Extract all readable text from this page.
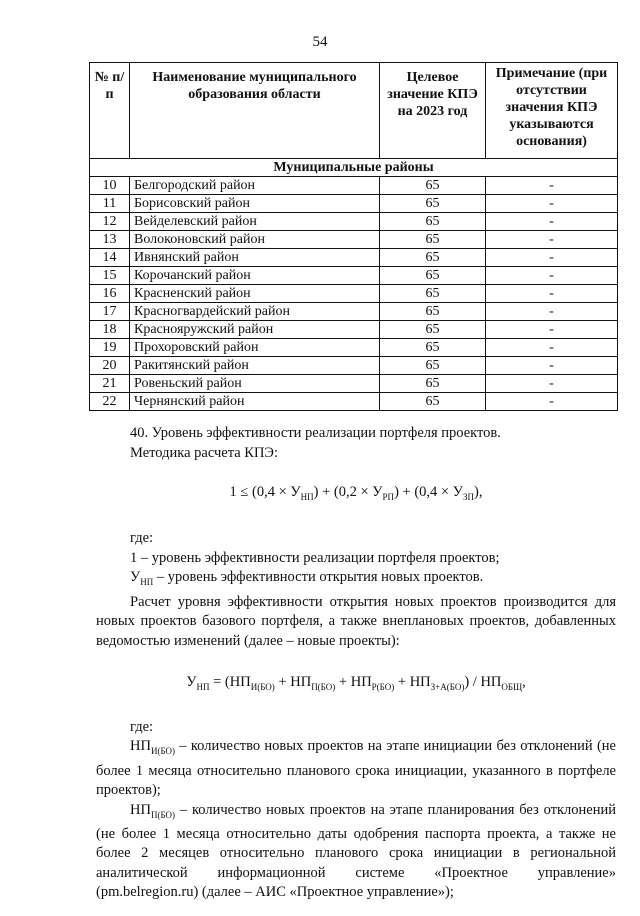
54
№ п/п	Наименование муниципального образования области	Целевое значение КПЭ на 2023 год	Примечание (при отсутствии значения КПЭ указываются основания)
Муниципальные районы			
10	Белгородский район	65	-
11	Борисовский район	65	-
12	Вейделевский район	65	-
13	Волоконовский район	65	-
14	Ивнянский район	65	-
15	Корочанский район	65	-
16	Красненский район	65	-
17	Красногвардейский район	65	-
18	Краснояружский район	65	-
19	Прохоровский район	65	-
20	Ракитянский район	65	-
21	Ровеньский район	65	-
22	Чернянский район	65	-

40. Уровень эффективности реализации портфеля проектов.

Методика расчета КПЭ:

$1 \le (0,4 \times У_{НП}) + (0,2 \times У_{РП}) + (0,4 \times У_{ЗП})$,

где:

1 – уровень эффективности реализации портфеля проектов;

$У_{НП}$ – уровень эффективности открытия новых проектов.

Расчет уровня эффективности открытия новых проектов производится для новых проектов базового портфеля, а также внеплановых проектов, добавленных ведомостью изменений (далее – новые проекты):

$У_{НП} = (НП_{И(БО)} + НП_{П(БО)} + НП_{Р(БО)} + НП_{З+А(БО)}) / НП_{ОБЩ}$,

где:

$НП_{И(БО)}$ – количество новых проектов на этапе инициации без отклонений (не более 1 месяца относительно планового срока инициации, указанного в портфеле проектов);

$НП_{П(БО)}$ – количество новых проектов на этапе планирования без отклонений (не более 1 месяца относительно даты одобрения паспорта проекта, а также не более 2 месяцев относительно планового срока инициации в региональной аналитической информационной системе «Проектное управление» (pm.belregion.ru) (далее – АИС «Проектное управление»);
